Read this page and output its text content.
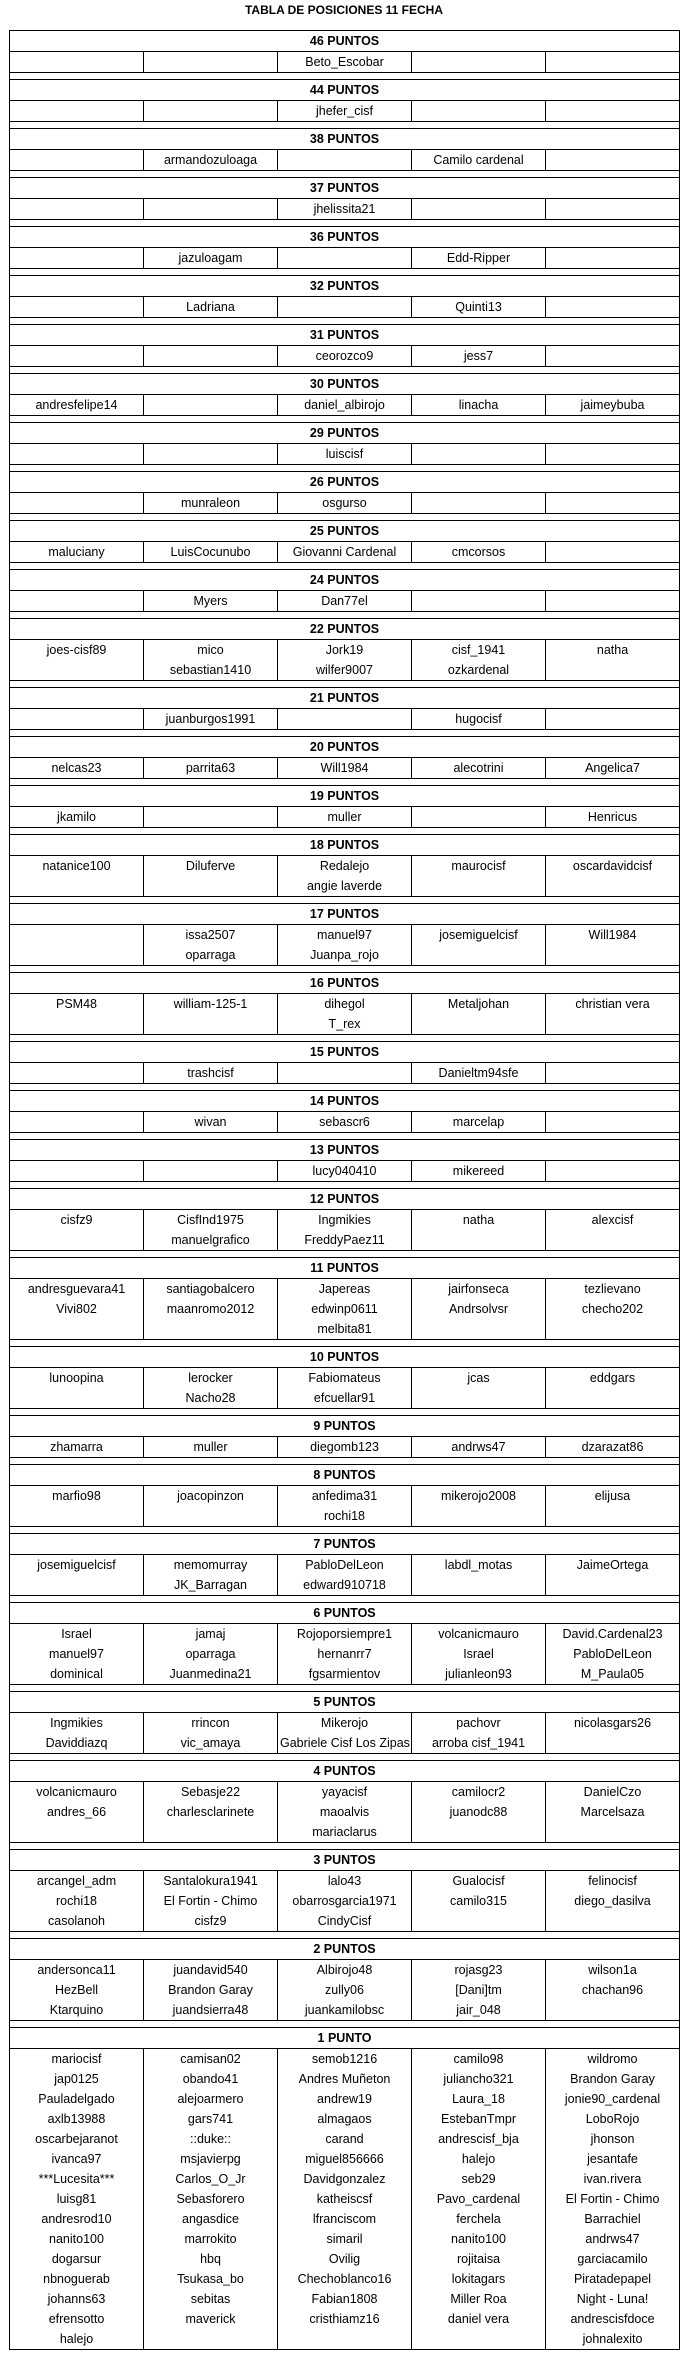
TABLA DE POSICIONES 11 FECHA
46 PUNTOS				
		Beto_Escobar		

44 PUNTOS				
		jhefer_cisf		

38 PUNTOS				
	armandozuloaga		Camilo cardenal	

37 PUNTOS				
		jhelissita21		

36 PUNTOS				
	jazuloagam		Edd-Ripper	

32 PUNTOS				
	Ladriana		Quinti13	

31 PUNTOS				
		ceorozco9	jess7	

30 PUNTOS				
andresfelipe14		daniel_albirojo	linacha	jaimeybuba

29 PUNTOS				
		luiscisf		

26 PUNTOS				
	munraleon	osgurso		

25 PUNTOS				
maluciany	LuisCocunubo	Giovanni Cardenal	cmcorsos	

24 PUNTOS				
	Myers	Dan77el		

22 PUNTOS				
joes-cisf89	mico	Jork19	cisf_1941	natha
	sebastian1410	wilfer9007	ozkardenal	

21 PUNTOS				
	juanburgos1991		hugocisf	

20 PUNTOS				
nelcas23	parrita63	Will1984	alecotrini	Angelica7

19 PUNTOS				
jkamilo		muller		Henricus

18 PUNTOS				
natanice100	Diluferve	Redalejo	maurocisf	oscardavidcisf
		angie laverde		

17 PUNTOS				
	issa2507	manuel97	josemiguelcisf	Will1984
	oparraga	Juanpa_rojo		

16 PUNTOS				
PSM48	william-125-1	dihegol	Metaljohan	christian vera
		T_rex		

15 PUNTOS				
	trashcisf		Danieltm94sfe	

14 PUNTOS				
	wivan	sebascr6	marcelap	

13 PUNTOS				
		lucy040410	mikereed	

12 PUNTOS				
cisfz9	CisfInd1975	Ingmikies	natha	alexcisf
	manuelgrafico	FreddyPaez11		

11 PUNTOS				
andresguevara41	santiagobalcero	Japereas	jairfonseca	tezlievano
Vivi802	maanromo2012	edwinp0611	Andrsolvsr	checho202
		melbita81		

10 PUNTOS				
lunoopina	lerocker	Fabiomateus	jcas	eddgars
	Nacho28	efcuellar91		

9 PUNTOS				
zhamarra	muller	diegomb123	andrws47	dzarazat86

8 PUNTOS				
marfio98	joacopinzon	anfedima31	mikerojo2008	elijusa
		rochi18		

7 PUNTOS				
josemiguelcisf	memomurray	PabloDelLeon	labdl_motas	JaimeOrtega
	JK_Barragan	edward910718		

6 PUNTOS				
Israel	jamaj	Rojoporsiempre1	volcanicmauro	David.Cardenal23
manuel97	oparraga	hernanrr7	Israel	PabloDelLeon
dominical	Juanmedina21	fgsarmientov	julianleon93	M_Paula05

5 PUNTOS				
Ingmikies	rrincon	Mikerojo	pachovr	nicolasgars26
Daviddiazq	vic_amaya	Gabriele Cisf Los Zipas	arroba cisf_1941	

4 PUNTOS				
volcanicmauro	Sebasje22	yayacisf	camilocr2	DanielCzo
andres_66	charlesclarinete	maoalvis	juanodc88	Marcelsaza
		mariaclarus		

3 PUNTOS				
arcangel_adm	Santalokura1941	lalo43	Gualocisf	felinocisf
rochi18	El Fortin - Chimo	obarrosgarcia1971	camilo315	diego_dasilva
casolanoh	cisfz9	CindyCisf		

2 PUNTOS				
andersonca11	juandavid540	Albirojo48	rojasg23	wilson1a
HezBell	Brandon Garay	zully06	[Dani]tm	chachan96
Ktarquino	juandsierra48	juankamilobsc	jair_048	

1 PUNTO				
mariocisf	camisan02	semob1216	camilo98	wildromo
jap0125	obando41	Andres Muñeton	juliancho321	Brandon Garay
Pauladelgado	alejoarmero	andrew19	Laura_18	jonie90_cardenal
axlb13988	gars741	almagaos	EstebanTmpr	LoboRojo
oscarbejaranot	::duke::	carand	andrescisf_bja	jhonson
ivanca97	msjavierpg	miguel856666	halejo	jesantafe
***Lucesita***	Carlos_O_Jr	Davidgonzalez	seb29	ivan.rivera
luisg81	Sebasforero	katheiscsf	Pavo_cardenal	El Fortin - Chimo
andresrod10	angasdice	lfranciscom	ferchela	Barrachiel
nanito100	marrokito	simaril	nanito100	andrws47
dogarsur	hbq	Ovilig	rojitaisa	garciacamilo
nbnoguerab	Tsukasa_bo	Chechoblanco16	lokitagars	Piratadepapel
johanns63	sebitas	Fabian1808	Miller Roa	Night - Luna!
efrensotto	maverick	cristhiamz16	daniel vera	andrescisfdoce
halejo				johnalexito
